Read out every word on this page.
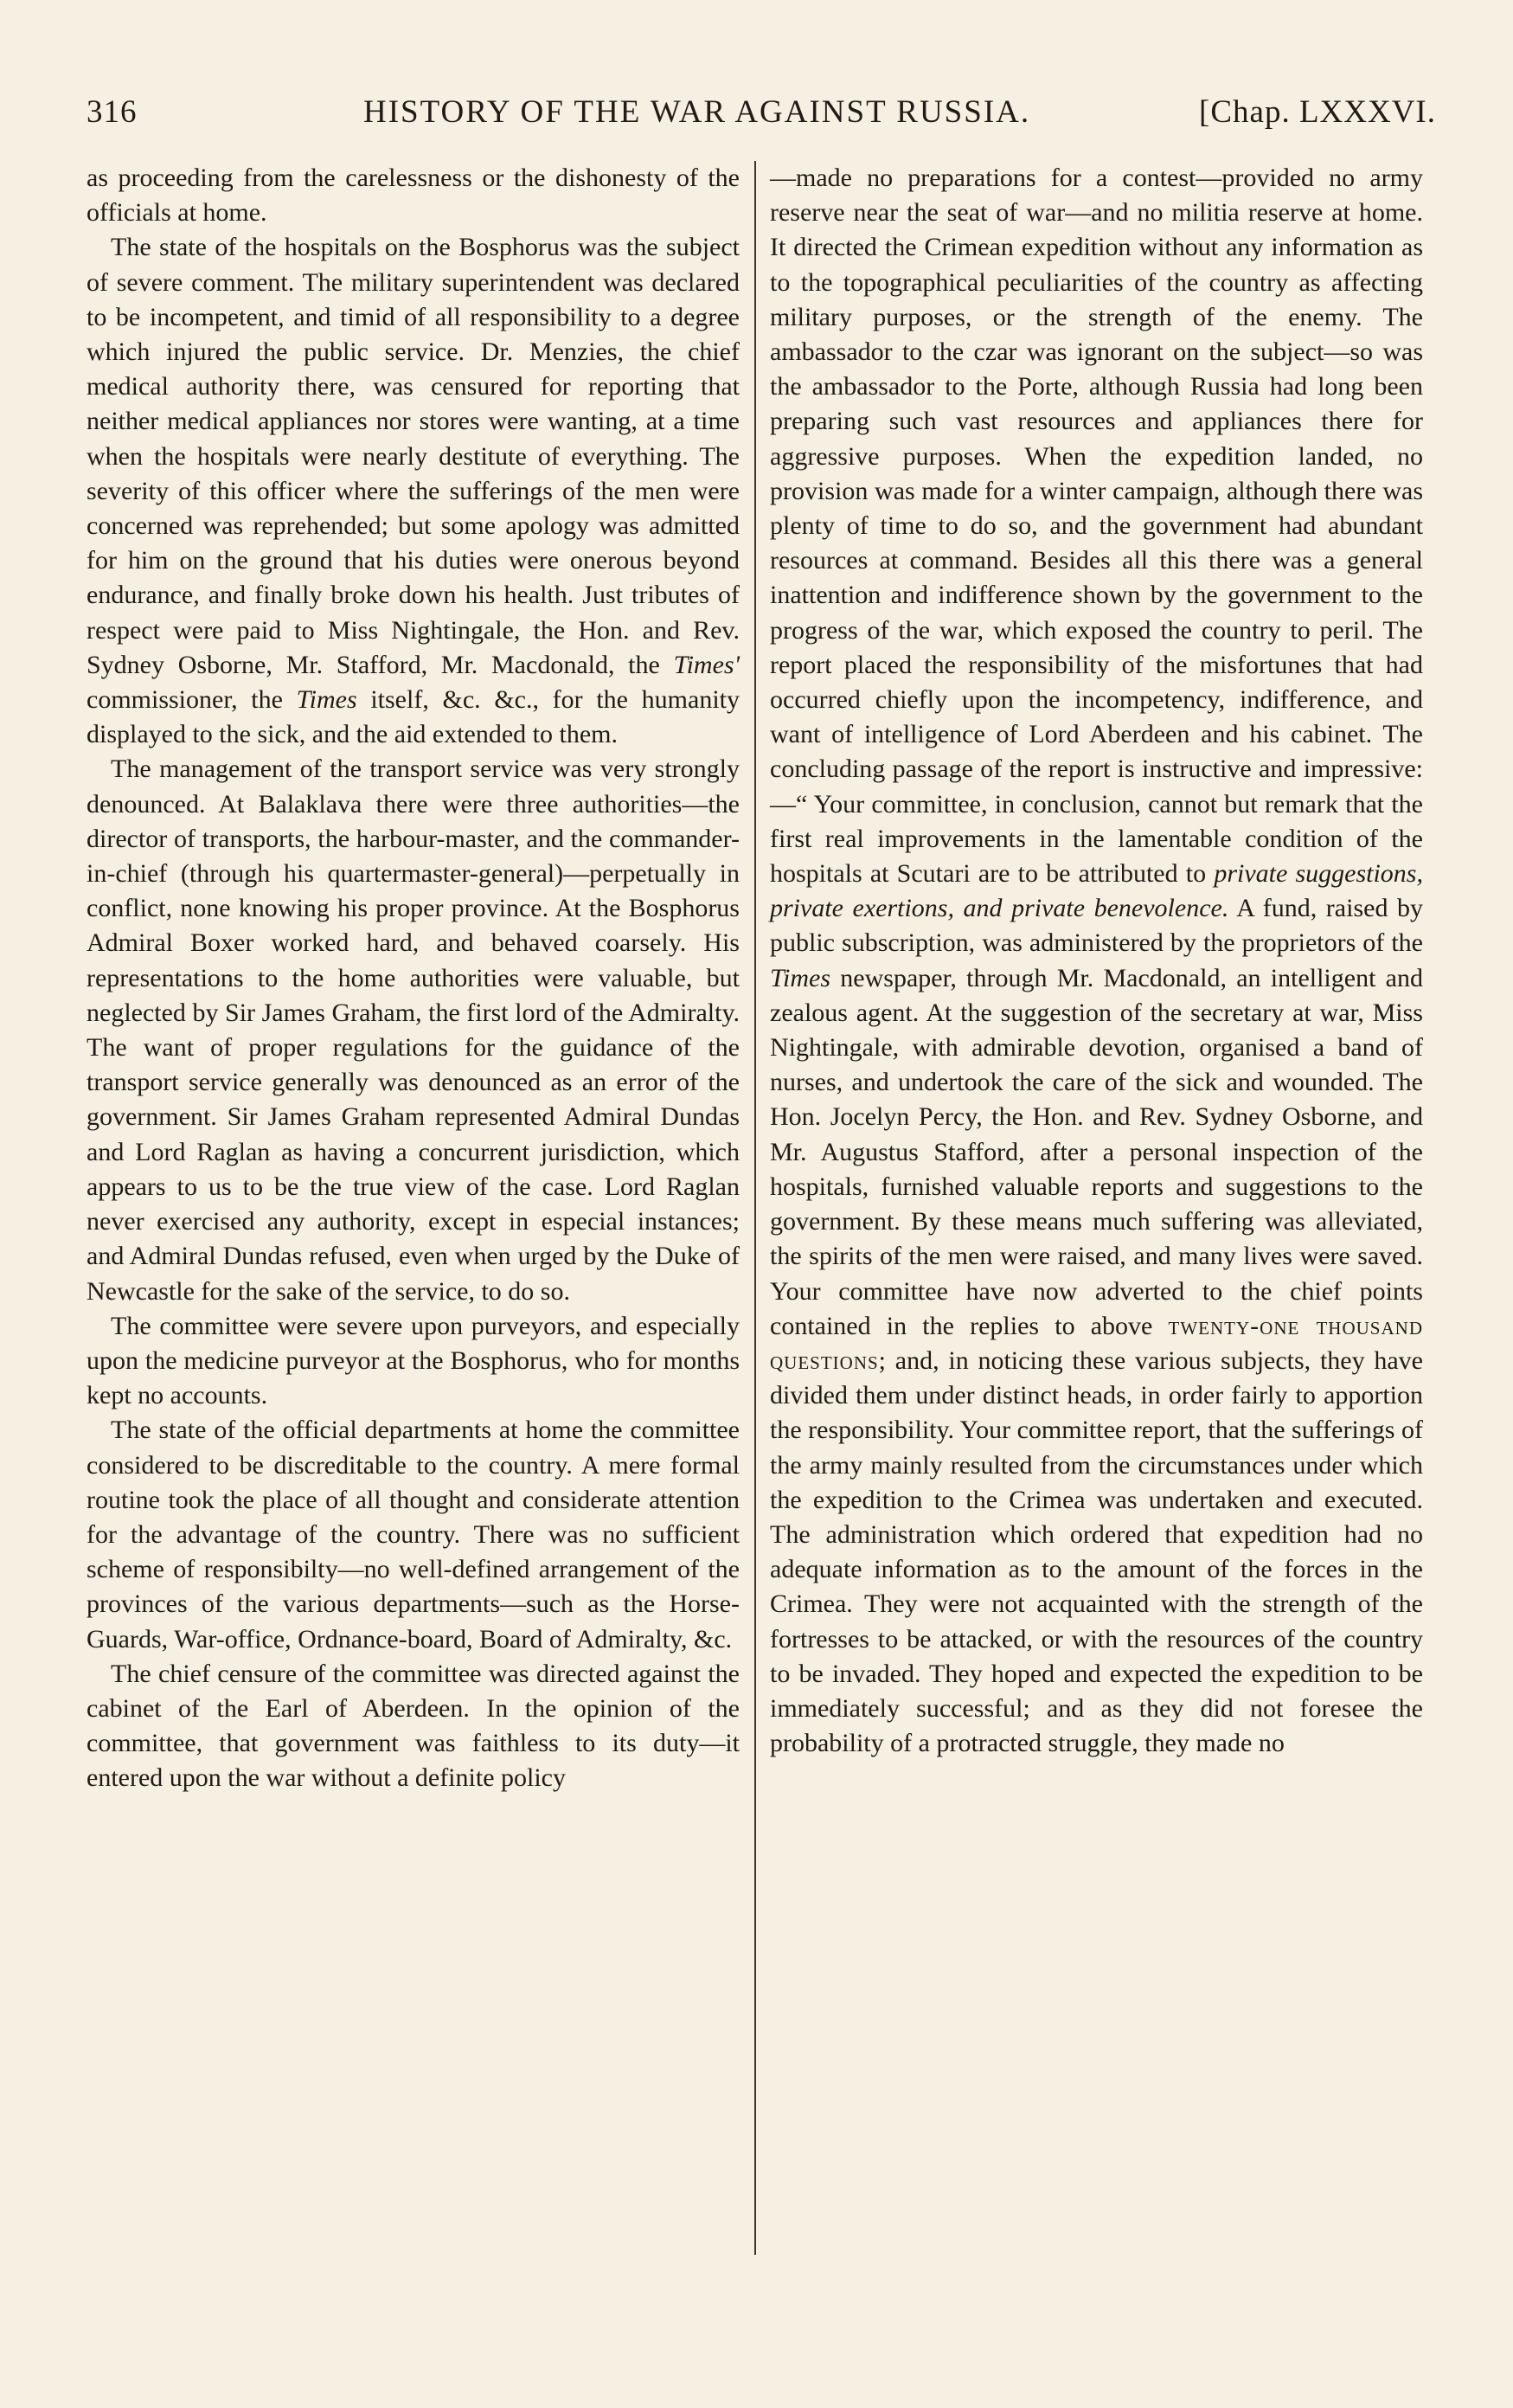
316	HISTORY OF THE WAR AGAINST RUSSIA.	[Chap. LXXXVI.

as proceeding from the carelessness or the dishonesty of the officials at home.

The state of the hospitals on the Bosphorus was the subject of severe comment. The military superintendent was declared to be incompetent, and timid of all responsibility to a degree which injured the public service. Dr. Menzies, the chief medical authority there, was censured for reporting that neither medical appliances nor stores were wanting, at a time when the hospitals were nearly destitute of everything. The severity of this officer where the sufferings of the men were concerned was reprehended; but some apology was admitted for him on the ground that his duties were onerous beyond endurance, and finally broke down his health. Just tributes of respect were paid to Miss Nightingale, the Hon. and Rev. Sydney Osborne, Mr. Stafford, Mr. Macdonald, the Times' commissioner, the Times itself, &c. &c., for the humanity displayed to the sick, and the aid extended to them.

The management of the transport service was very strongly denounced. At Balaklava there were three authorities—the director of transports, the harbour-master, and the commander-in-chief (through his quartermaster-general)—perpetually in conflict, none knowing his proper province. At the Bosphorus Admiral Boxer worked hard, and behaved coarsely. His representations to the home authorities were valuable, but neglected by Sir James Graham, the first lord of the Admiralty. The want of proper regulations for the guidance of the transport service generally was denounced as an error of the government. Sir James Graham represented Admiral Dundas and Lord Raglan as having a concurrent jurisdiction, which appears to us to be the true view of the case. Lord Raglan never exercised any authority, except in especial instances; and Admiral Dundas refused, even when urged by the Duke of Newcastle for the sake of the service, to do so.

The committee were severe upon purveyors, and especially upon the medicine purveyor at the Bosphorus, who for months kept no accounts.

The state of the official departments at home the committee considered to be discreditable to the country. A mere formal routine took the place of all thought and considerate attention for the advantage of the country. There was no sufficient scheme of responsibilty—no well-defined arrangement of the provinces of the various departments—such as the Horse-Guards, War-office, Ordnance-board, Board of Admiralty, &c.

The chief censure of the committee was directed against the cabinet of the Earl of Aberdeen. In the opinion of the committee, that government was faithless to its duty—it entered upon the war without a definite policy

—made no preparations for a contest—provided no army reserve near the seat of war—and no militia reserve at home. It directed the Crimean expedition without any information as to the topographical peculiarities of the country as affecting military purposes, or the strength of the enemy. The ambassador to the czar was ignorant on the subject—so was the ambassador to the Porte, although Russia had long been preparing such vast resources and appliances there for aggressive purposes. When the expedition landed, no provision was made for a winter campaign, although there was plenty of time to do so, and the government had abundant resources at command. Besides all this there was a general inattention and indifference shown by the government to the progress of the war, which exposed the country to peril. The report placed the responsibility of the misfortunes that had occurred chiefly upon the incompetency, indifference, and want of intelligence of Lord Aberdeen and his cabinet. The concluding passage of the report is instructive and impressive:—“ Your committee, in conclusion, cannot but remark that the first real improvements in the lamentable condition of the hospitals at Scutari are to be attributed to private suggestions, private exertions, and private benevolence. A fund, raised by public subscription, was administered by the proprietors of the Times newspaper, through Mr. Macdonald, an intelligent and zealous agent. At the suggestion of the secretary at war, Miss Nightingale, with admirable devotion, organised a band of nurses, and undertook the care of the sick and wounded. The Hon. Jocelyn Percy, the Hon. and Rev. Sydney Osborne, and Mr. Augustus Stafford, after a personal inspection of the hospitals, furnished valuable reports and suggestions to the government. By these means much suffering was alleviated, the spirits of the men were raised, and many lives were saved. Your committee have now adverted to the chief points contained in the replies to above twenty-one thousand questions; and, in noticing these various subjects, they have divided them under distinct heads, in order fairly to apportion the responsibility. Your committee report, that the sufferings of the army mainly resulted from the circumstances under which the expedition to the Crimea was undertaken and executed. The administration which ordered that expedition had no adequate information as to the amount of the forces in the Crimea. They were not acquainted with the strength of the fortresses to be attacked, or with the resources of the country to be invaded. They hoped and expected the expedition to be immediately successful; and as they did not foresee the probability of a protracted struggle, they made no
